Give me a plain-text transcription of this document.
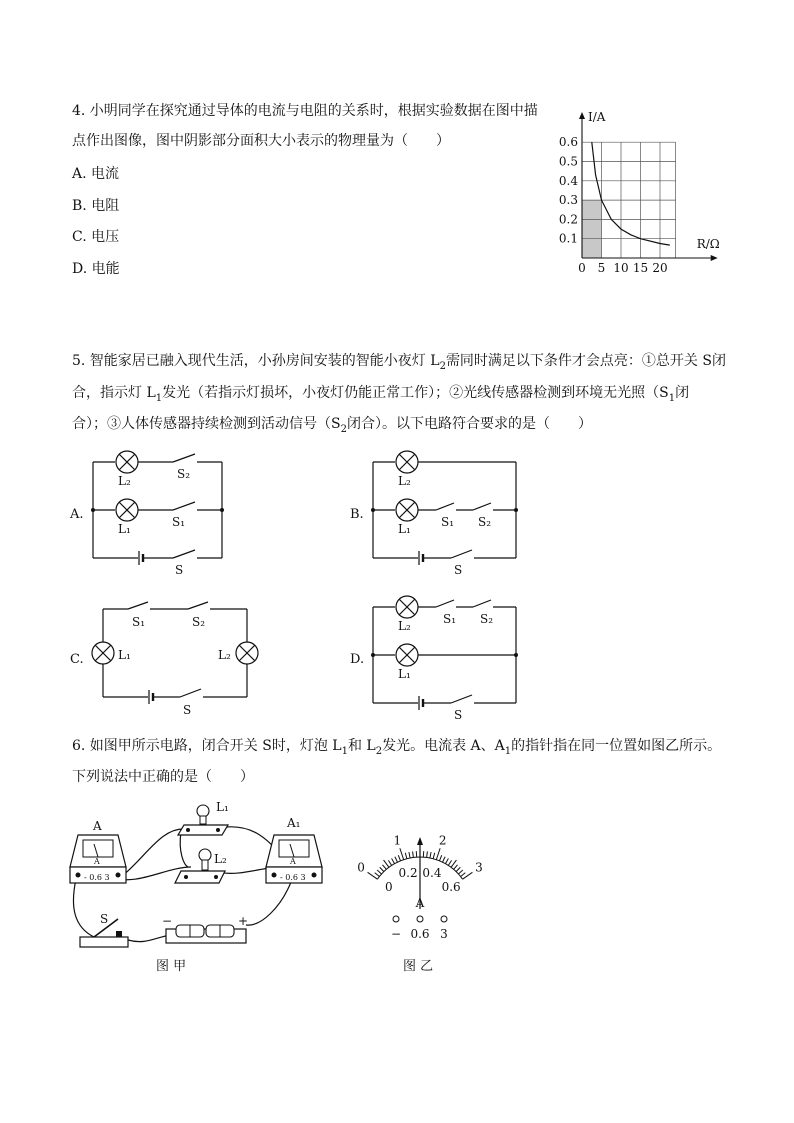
4. 小明同学在探究通过导体的电流与电阻的关系时，根据实验数据在图中描
点作出图像，图中阴影部分面积大小表示的物理量为（　　）
A. 电流
B. 电阻
C. 电压
D. 电能
I/A
R/Ω
0
0.6
0.5
0.4
0.3
0.2
0.1
5 10 15 20
5. 智能家居已融入现代生活，小孙房间安装的智能小夜灯 $L_2$需同时满足以下条件才会点亮：①总开关 S闭
合，指示灯 $L_1$发光（若指示灯损坏，小夜灯仍能正常工作）；②光线传感器检测到环境无光照（$S_1$闭
合）；③人体传感器持续检测到活动信号（$S_2$闭合）。以下电路符合要求的是（　　）
A.
L₂	S₂
L₁	S₁
S
B.
L₂
L₁	S₁ S₂
S
C.
S₁	S₂
L₁	L₂
S
D.
L₂	S₁ S₂
L₁
S
6. 如图甲所示电路，闭合开关 S时，灯泡 $L_1$和 $L_2$发光。电流表 A、$A_1$的指针指在同一位置如图乙所示。
下列说法中正确的是（　　）
A
A
- 0.6 3
A₁
A
- 0.6 3
L₁
L₂
S	−	+
图 甲
0
1	2
3
0
0.2 0.4
0.6
A
− 0.6 3
图 乙
